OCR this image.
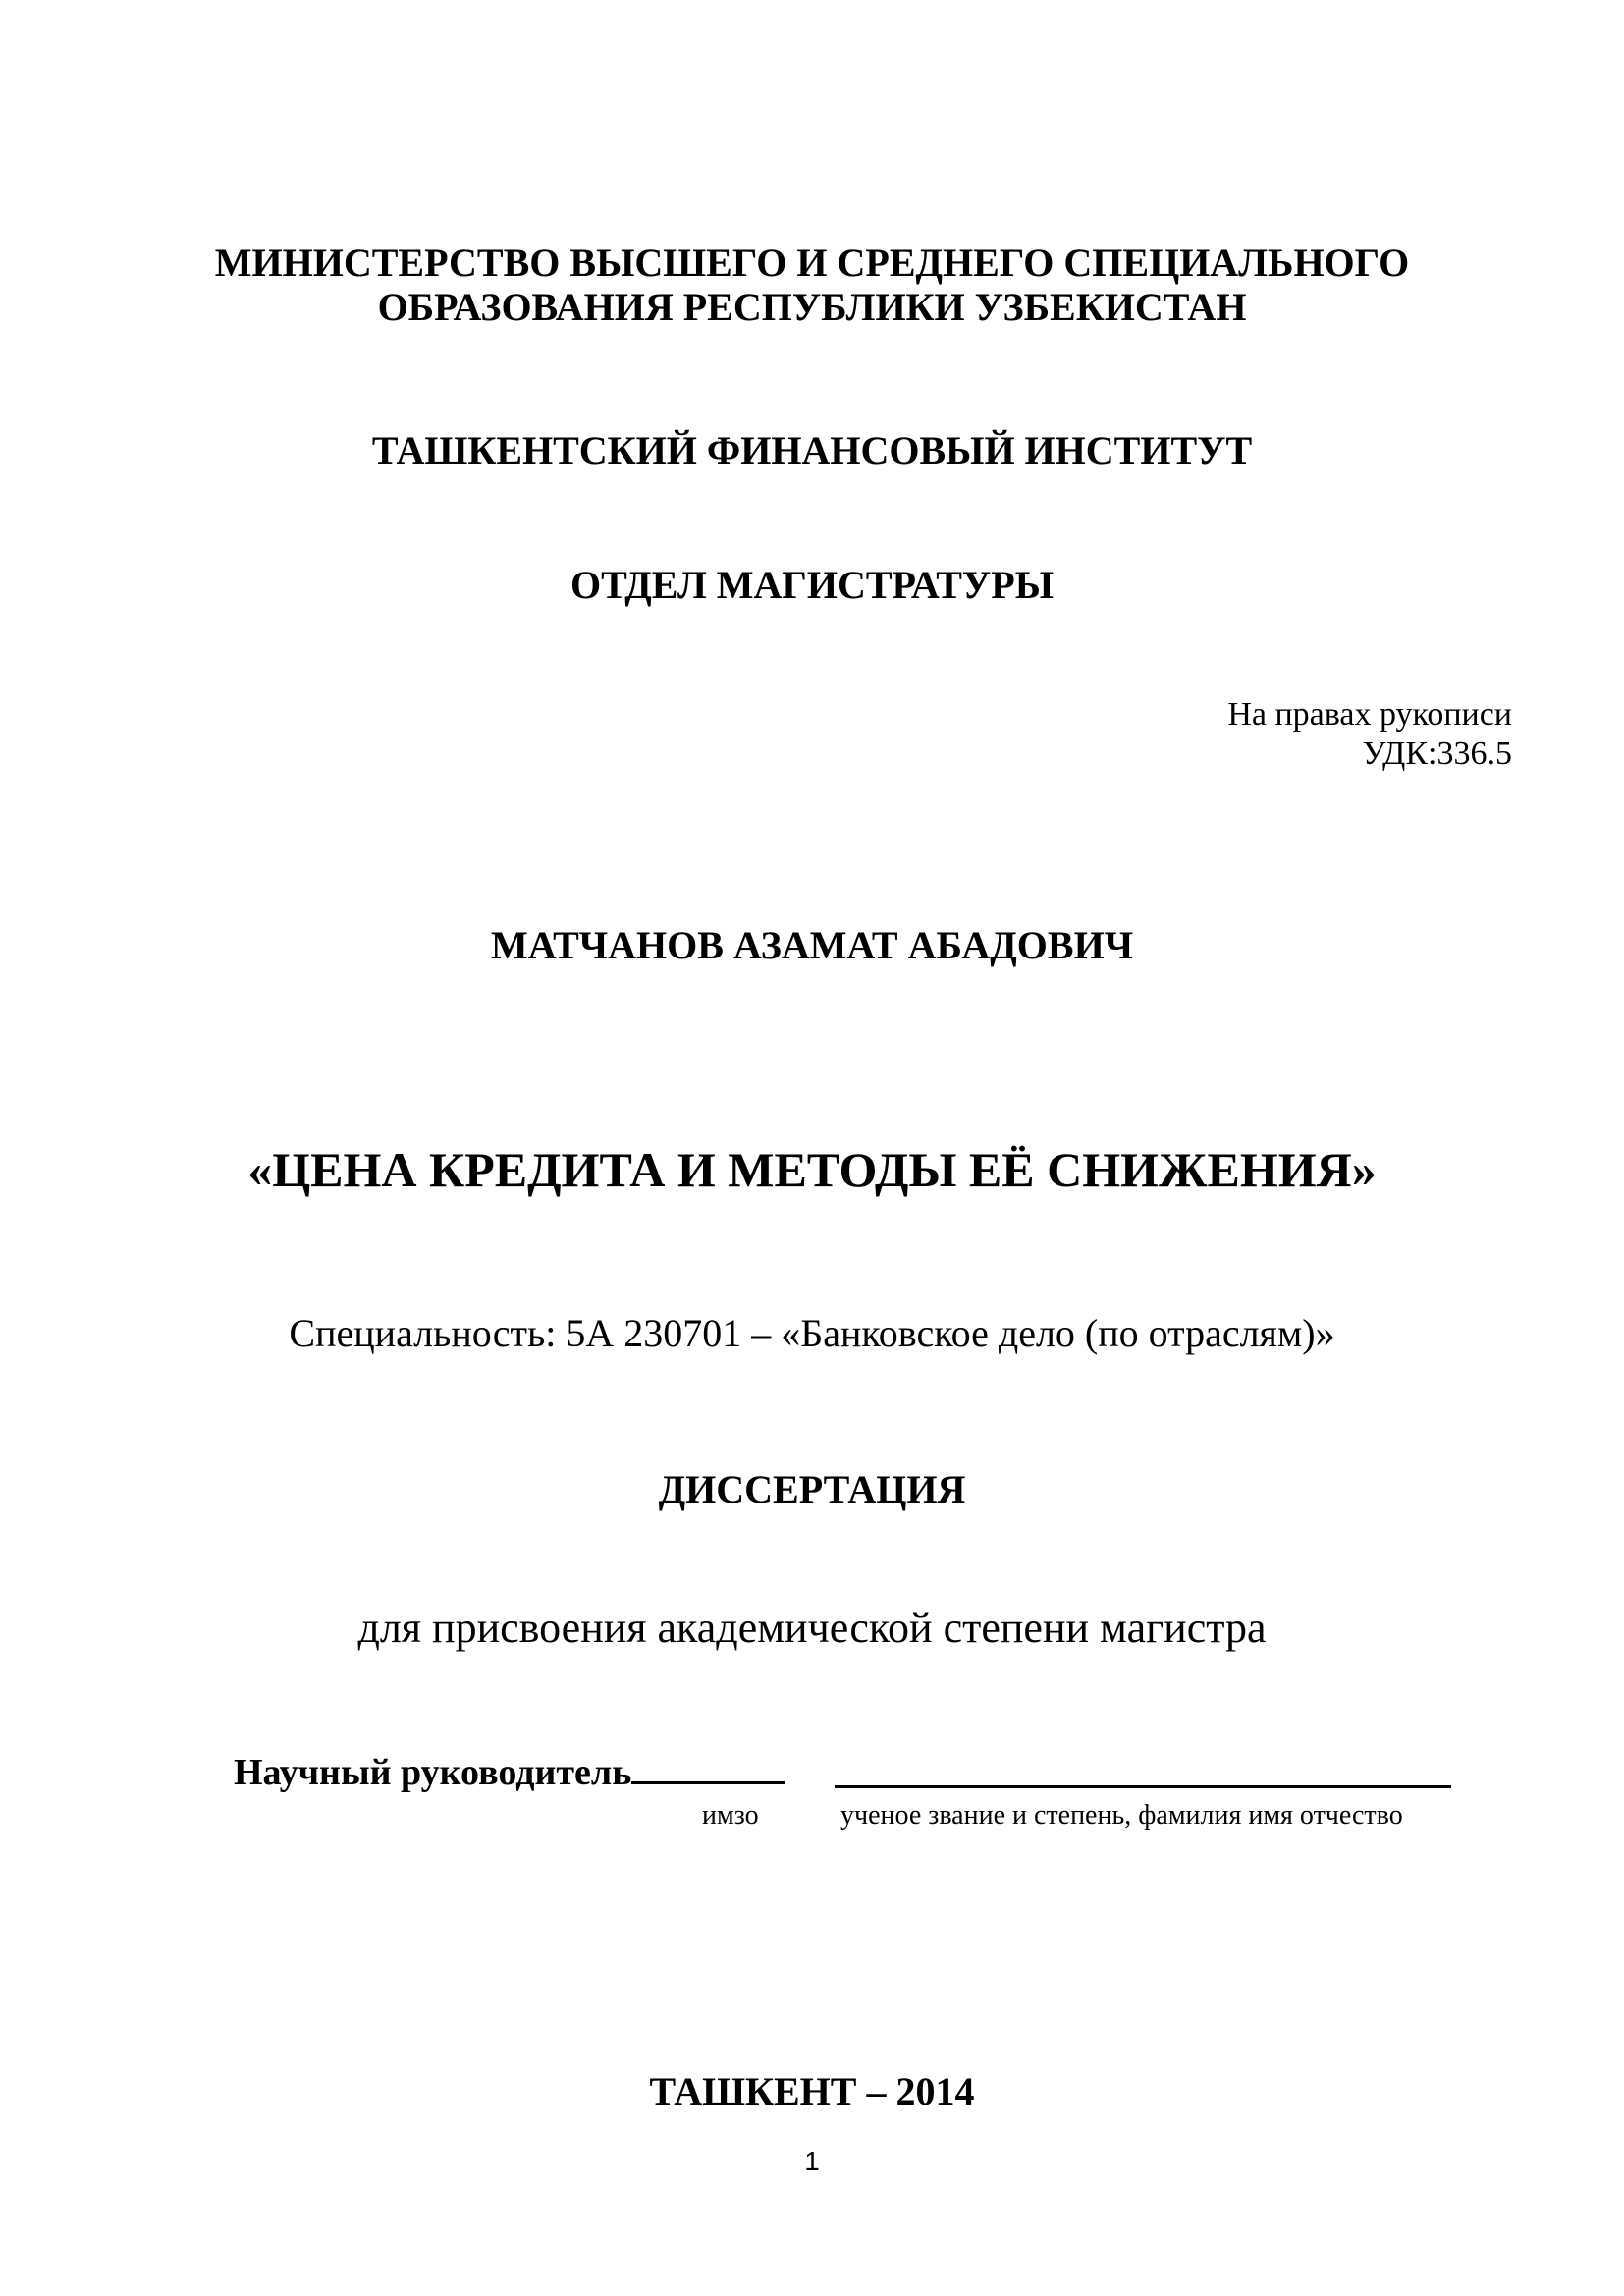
МИНИСТЕРСТВО ВЫСШЕГО И СРЕДНЕГО СПЕЦИАЛЬНОГО
ОБРАЗОВАНИЯ РЕСПУБЛИКИ УЗБЕКИСТАН
ТАШКЕНТСКИЙ ФИНАНСОВЫЙ ИНСТИТУТ
ОТДЕЛ МАГИСТРАТУРЫ
На правах рукописи
УДК:336.5
МАТЧАНОВ АЗАМАТ АБАДОВИЧ
«ЦЕНА КРЕДИТА И МЕТОДЫ ЕЁ СНИЖЕНИЯ»
Специальность: 5А 230701 – «Банковское дело (по отраслям)»
ДИССЕРТАЦИЯ
для присвоения академической степени магистра
Научный руководитель
имзо	ученое звание и степень, фамилия имя отчество
ТАШКЕНТ – 2014
1
